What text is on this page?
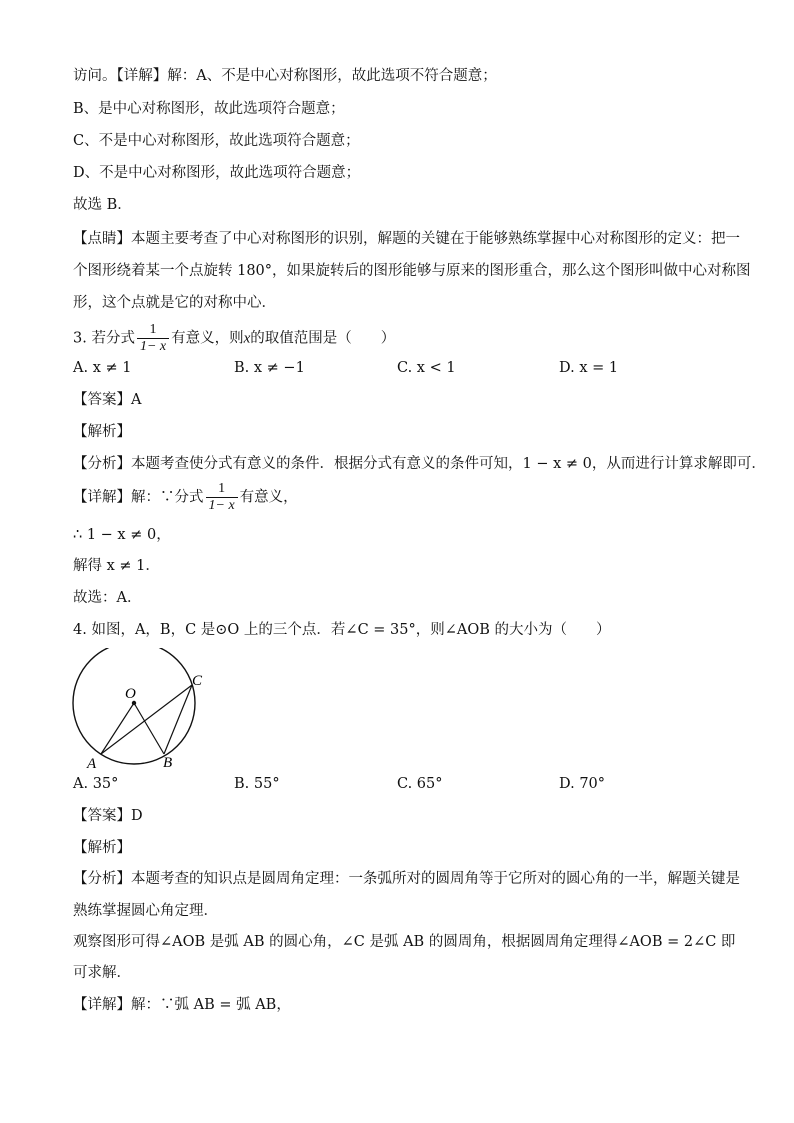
访问。【详解】解：A、不是中心对称图形，故此选项不符合题意；
B、是中心对称图形，故此选项符合题意；
C、不是中心对称图形，故此选项符合题意；
D、不是中心对称图形，故此选项符合题意；
故选 B．
【点睛】本题主要考查了中心对称图形的识别，解题的关键在于能够熟练掌握中心对称图形的定义：把一
个图形绕着某一个点旋转 180°，如果旋转后的图形能够与原来的图形重合，那么这个图形叫做中心对称图
形，这个点就是它的对称中心．
3. 若分式 $\frac{1}{1- x}$ 有意义，则x的取值范围是（　　）
A. x ≠ 1	B. x ≠ −1	C. x < 1	D. x = 1
【答案】A
【解析】
【分析】本题考查使分式有意义的条件．根据分式有意义的条件可知，1 − x ≠ 0，从而进行计算求解即可．
【详解】解：∵分式 $\frac{1}{1- x}$ 有意义，
∴ 1 − x ≠ 0，
解得 x ≠ 1．
故选：A．
4. 如图，A，B，C 是⊙O 上的三个点．若∠C = 35°，则∠AOB 的大小为（　　）
O
C
A	B
A. 35°	B. 55°	C. 65°	D. 70°
【答案】D
【解析】
【分析】本题考查的知识点是圆周角定理：一条弧所对的圆周角等于它所对的圆心角的一半，解题关键是
熟练掌握圆心角定理．
观察图形可得∠AOB 是弧 AB 的圆心角，∠C 是弧 AB 的圆周角，根据圆周角定理得∠AOB = 2∠C 即
可求解．
【详解】解：∵弧 AB = 弧 AB，
